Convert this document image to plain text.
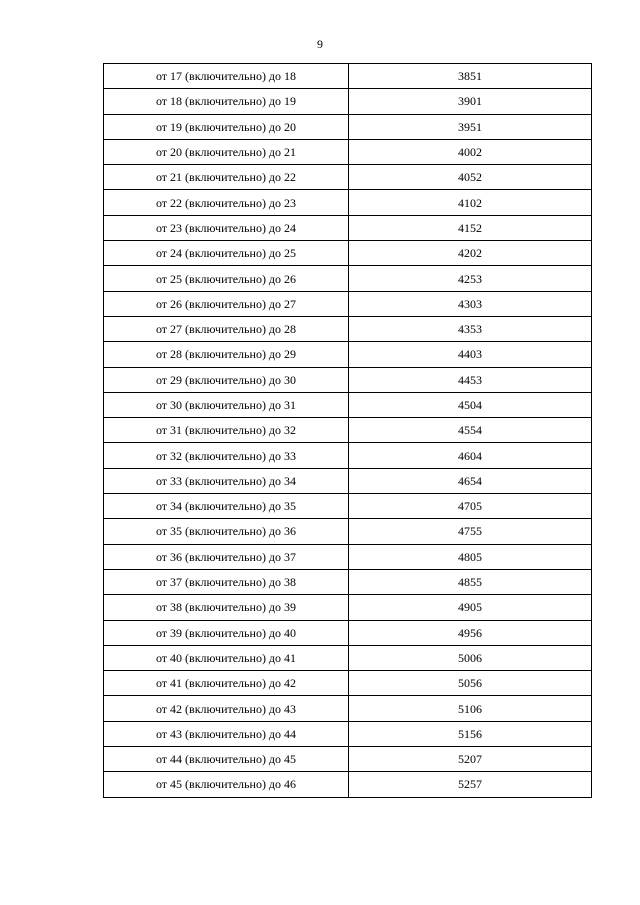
9
от 17 (включительно) до 18	3851
от 18 (включительно) до 19	3901
от 19 (включительно) до 20	3951
от 20 (включительно) до 21	4002
от 21 (включительно) до 22	4052
от 22 (включительно) до 23	4102
от 23 (включительно) до 24	4152
от 24 (включительно) до 25	4202
от 25 (включительно) до 26	4253
от 26 (включительно) до 27	4303
от 27 (включительно) до 28	4353
от 28 (включительно) до 29	4403
от 29 (включительно) до 30	4453
от 30 (включительно) до 31	4504
от 31 (включительно) до 32	4554
от 32 (включительно) до 33	4604
от 33 (включительно) до 34	4654
от 34 (включительно) до 35	4705
от 35 (включительно) до 36	4755
от 36 (включительно) до 37	4805
от 37 (включительно) до 38	4855
от 38 (включительно) до 39	4905
от 39 (включительно) до 40	4956
от 40 (включительно) до 41	5006
от 41 (включительно) до 42	5056
от 42 (включительно) до 43	5106
от 43 (включительно) до 44	5156
от 44 (включительно) до 45	5207
от 45 (включительно) до 46	5257
